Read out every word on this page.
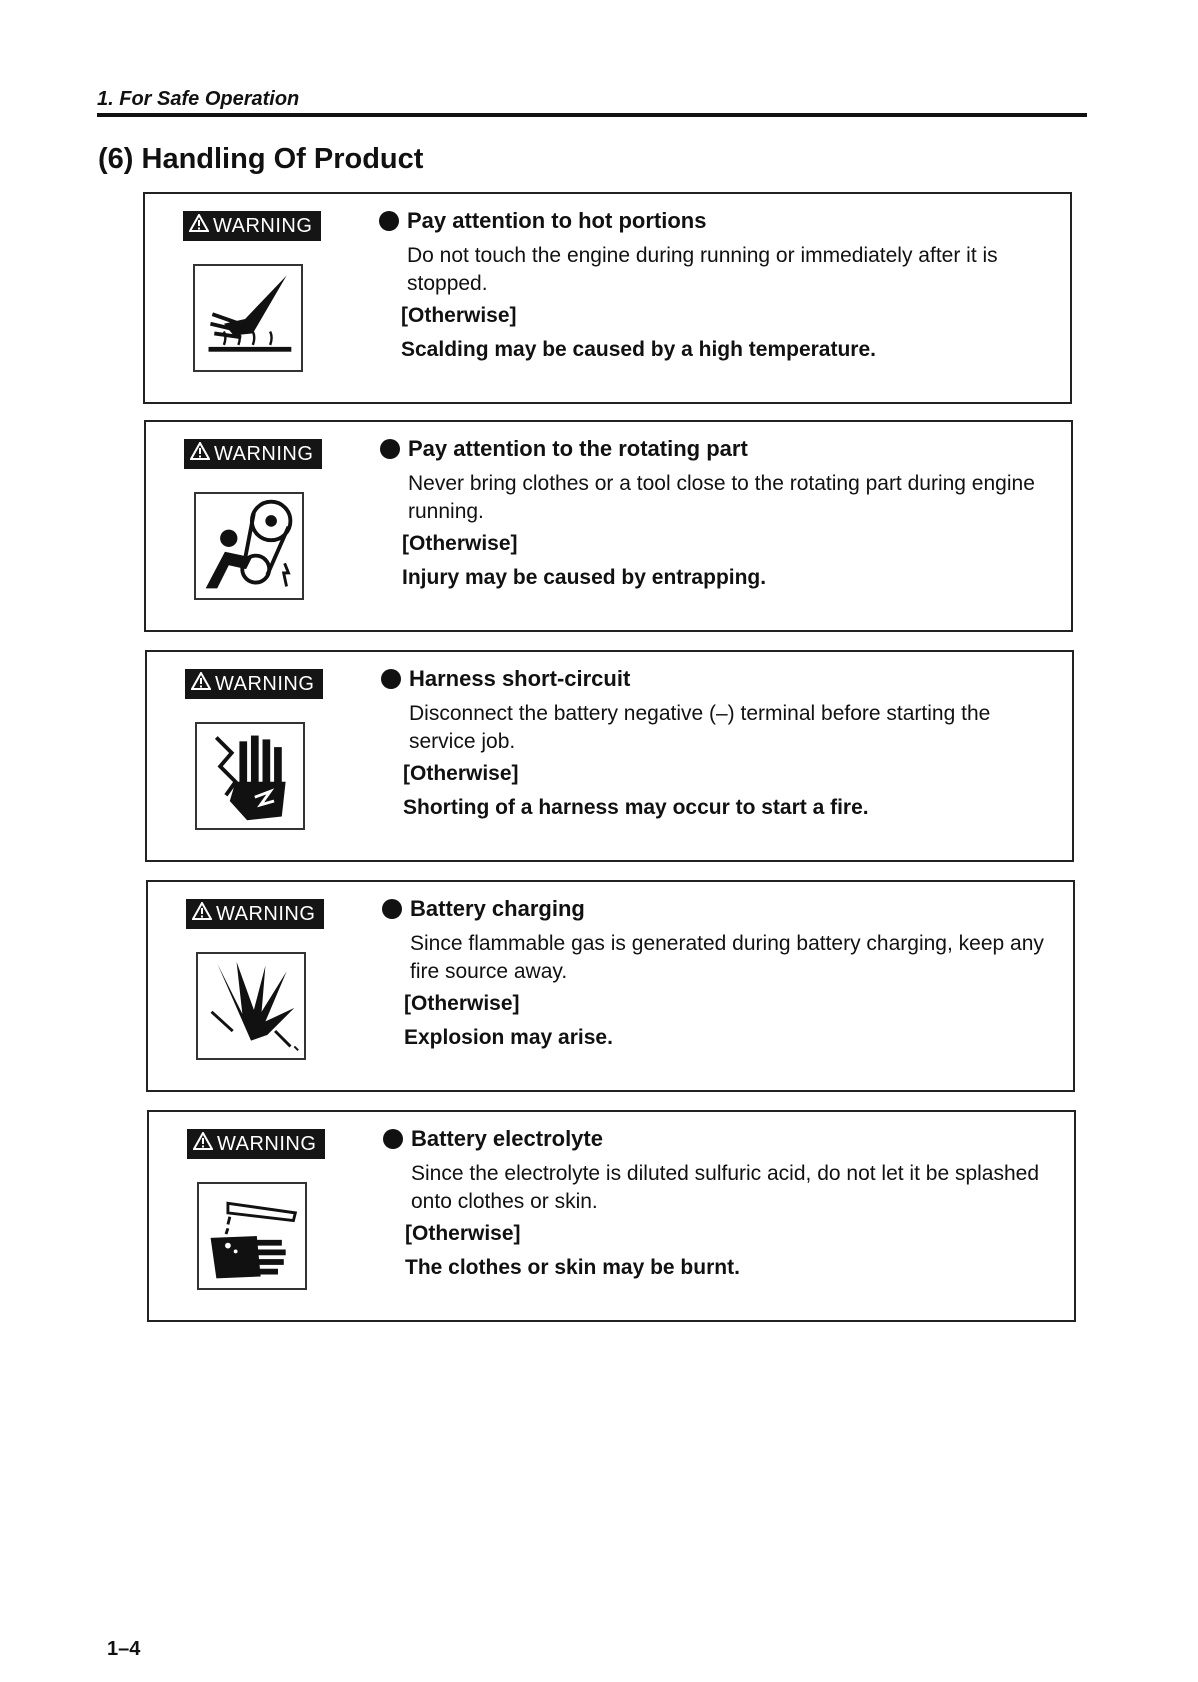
1. For Safe Operation
(6) Handling Of Product
WARNING	Pay attention to hot portions
Do not touch the engine during running or immediately after it is stopped.
[Otherwise]
Scalding may be caused by a high temperature.
WARNING	Pay attention to the rotating part
Never bring clothes or a tool close to the rotating part during engine running.
[Otherwise]
Injury may be caused by entrapping.
WARNING	Harness short-circuit
Disconnect the battery negative (–) terminal before starting the service job.
[Otherwise]
Shorting of a harness may occur to start a fire.
WARNING	Battery charging
Since flammable gas is generated during battery charging, keep any fire source away.
[Otherwise]
Explosion may arise.
WARNING	Battery electrolyte
Since the electrolyte is diluted sulfuric acid, do not let it be splashed onto clothes or skin.
[Otherwise]
The clothes or skin may be burnt.
1–4
